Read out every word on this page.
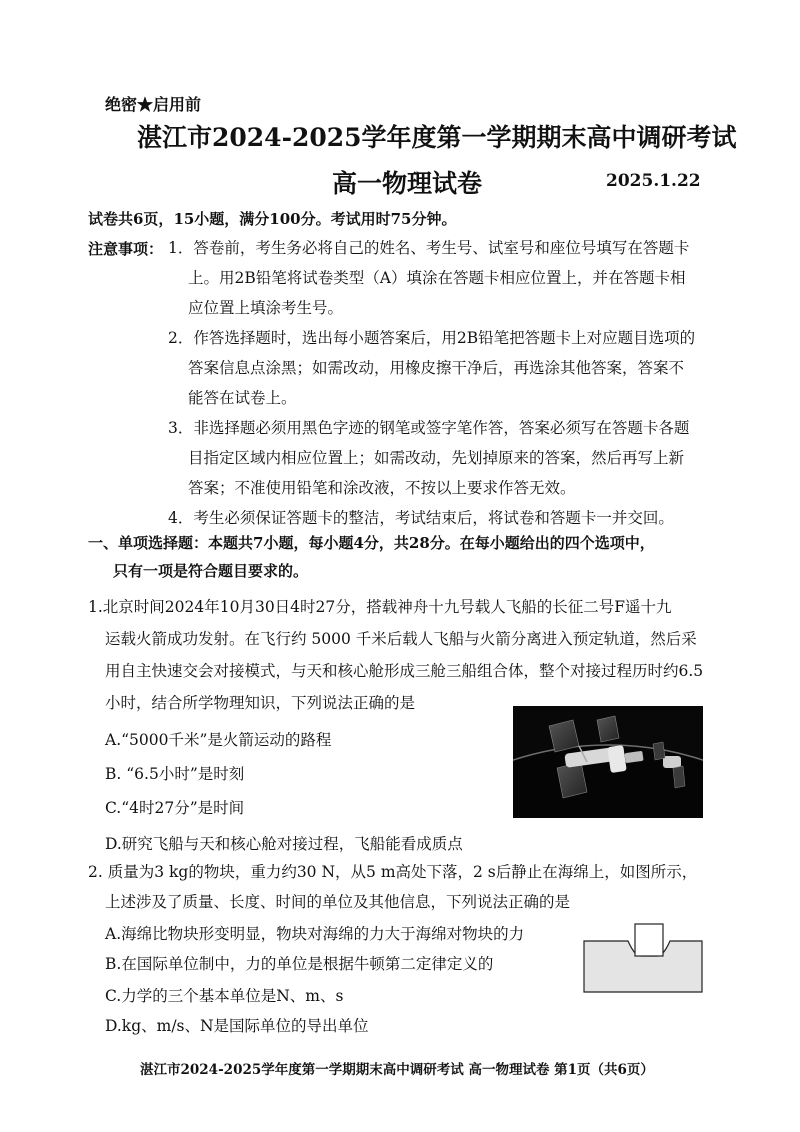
绝密★启用前
湛江市2024-2025学年度第一学期期末高中调研考试
高一物理试卷	2025.1.22
试卷共6页，15小题，满分100分。考试用时75分钟。
注意事项： 1．答卷前，考生务必将自己的姓名、考生号、试室号和座位号填写在答题卡
上。用2B铅笔将试卷类型（A）填涂在答题卡相应位置上，并在答题卡相
应位置上填涂考生号。
2．作答选择题时，选出每小题答案后，用2B铅笔把答题卡上对应题目选项的
答案信息点涂黑；如需改动，用橡皮擦干净后，再选涂其他答案，答案不
能答在试卷上。
3．非选择题必须用黑色字迹的钢笔或签字笔作答，答案必须写在答题卡各题
目指定区域内相应位置上；如需改动，先划掉原来的答案，然后再写上新
答案；不准使用铅笔和涂改液，不按以上要求作答无效。
4．考生必须保证答题卡的整洁，考试结束后，将试卷和答题卡一并交回。
一、单项选择题：本题共7小题，每小题4分，共28分。在每小题给出的四个选项中，
只有一项是符合题目要求的。
1.北京时间2024年10月30日4时27分，搭载神舟十九号载人飞船的长征二号F遥十九
运载火箭成功发射。在飞行约 5000 千米后载人飞船与火箭分离进入预定轨道，然后采
用自主快速交会对接模式，与天和核心舱形成三舱三船组合体，整个对接过程历时约6.5
小时，结合所学物理知识，下列说法正确的是
A.“5000千米”是火箭运动的路程
B. “6.5小时”是时刻
C.“4时27分”是时间
D.研究飞船与天和核心舱对接过程，飞船能看成质点
2. 质量为3 kg的物块，重力约30 N，从5 m高处下落，2 s后静止在海绵上，如图所示，
上述涉及了质量、长度、时间的单位及其他信息，下列说法正确的是
A.海绵比物块形变明显，物块对海绵的力大于海绵对物块的力
B.在国际单位制中，力的单位是根据牛顿第二定律定义的
C.力学的三个基本单位是N、m、s
D.kg、m/s、N是国际单位的导出单位
湛江市2024-2025学年度第一学期期末高中调研考试 高一物理试卷 第1页（共6页）
